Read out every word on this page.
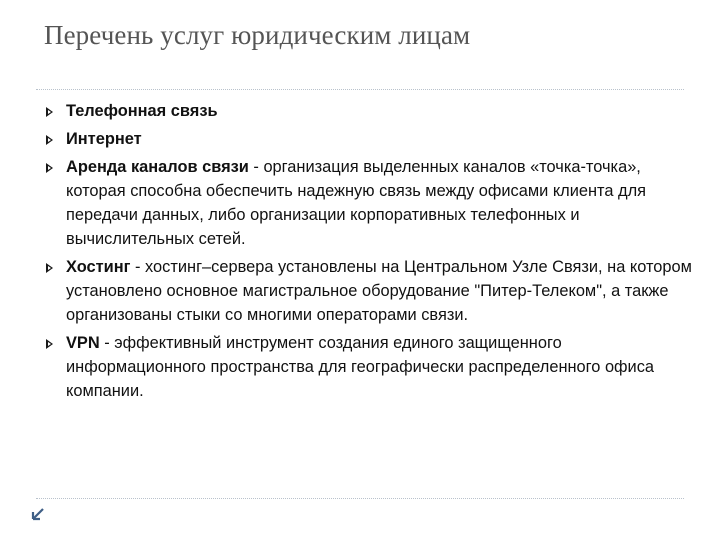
Перечень услуг юридическим лицам
Телефонная связь
Интернет
Аренда каналов связи - организация выделенных каналов «точка-точка», которая способна обеспечить надежную связь между офисами клиента для передачи данных, либо организации корпоративных телефонных и вычислительных сетей.
Хостинг - хостинг–сервера установлены на Центральном Узле Связи, на котором установлено основное магистральное оборудование "Питер-Телеком", а также организованы стыки со многими операторами связи.
VPN - эффективный инструмент создания единого защищенного информационного пространства для географически распределенного офиса компании.
